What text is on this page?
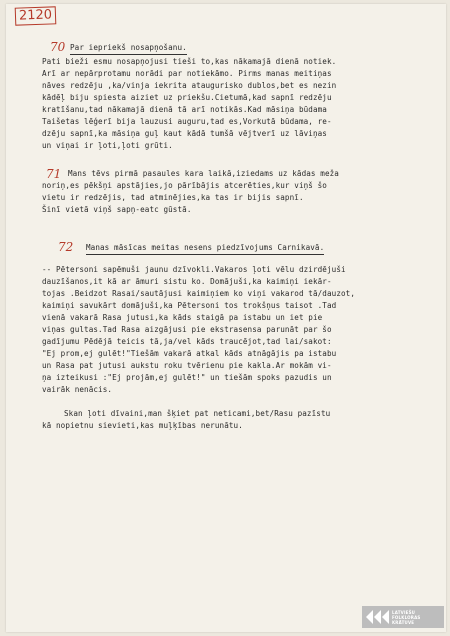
2120
70 Par iepriekš nosapņošanu.
Pati bieži esmu nosapņojusi tieši to,kas nākamajā dienā notiek.
Arī ar nepārprotamu norādi par notiekāmo. Pirms manas meitiņas
nāves redzēju ,ka/vinja iekrita ataugurisko dublos,bet es nezin
kādēļ biju spiesta aiziet uz priekšu.Cietumā,kad sapnī redzēju
kratīšanu,tad nākamajā dienā tā arī notikās.Kad māsiņa būdama
Taišetas lēģerī bija lauzusi auguru,tad es,Vorkutā būdama, re-
dzēju sapnī,ka māsiņa guļ kaut kādā tumšā vējtverī uz lāviņas
un viņai ir ļoti,ļoti grūti.
71 Mans tēvs pirmā pasaules kara laikā,iziedams uz kādas meža
noriņ,es pēkšņi apstājies,jo pārībājis atcerēties,kur viņš šo
vietu ir redzējis, tad atminējies,ka tas ir bijis sapnī.
Šinī vietā viņš sapņ-eatc gūstā.
72 Manas māsīcas meitas nesens piedzīvojums Carnikavā.
-- Pētersoni sapēmuši jaunu dzīvokli.Vakaros ļoti vēlu dzirdējuši
dauzīšanos,it kā ar āmuri sistu ko. Domājuši,ka kaimiņi iekār-
tojas .Beidzot Rasai/sautājusi kaimiņiem ko viņi vakarod tā/dauzot,
kaimiņi savukārt domājuši,ka Pētersoni tos trokšņus taisot .Tad
vienā vakarā Rasa jutusi,ka kāds staigā pa istabu un iet pie
viņas gultas.Tad Rasa aizgājusi pie ekstrasensa parunāt par šo
gadījumu Pēdējā teicis tā,ja/vel kāds traucējot,tad lai/sakot:
"Ej prom,ej gulēt!"Tiešām vakarā atkal kāds atnāgājis pa istabu
un Rasa pat jutusi aukstu roku tvērienu pie kakla.Ar mokām vi-
ņa izteikusi :"Ej projām,ej gulēt!" un tiešām spoks pazudis un
vairāk nenācis.
Skan ļoti dīvaini,man šķiet pat neticami,bet/Rasu pazīstu
kā nopietnu sievieti,kas muļķības nerunātu.
LATVIEŠU
FOLKLORAS
KRĀTUVE
